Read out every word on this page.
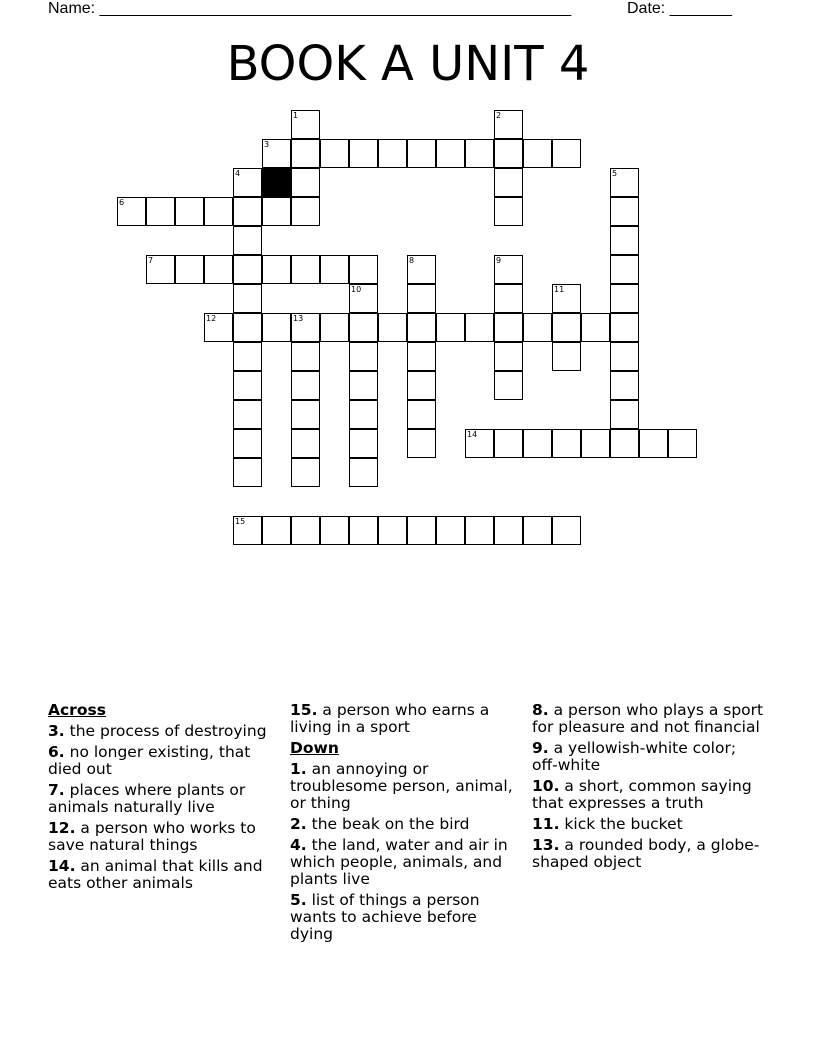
Name: _____________________________________________________	Date: _______
BOOK A UNIT 4
1	2
3
4	5
6
7	8	9
10	11
12	13
14
15
Across
3. the process of destroying
6. no longer existing, that died out
7. places where plants or animals naturally live
12. a person who works to save natural things
14. an animal that kills and eats other animals
15. a person who earns a living in a sport
Down
1. an annoying or troublesome person, animal, or thing
2. the beak on the bird
4. the land, water and air in which people, animals, and plants live
5. list of things a person wants to achieve before dying
8. a person who plays a sport for pleasure and not financial
9. a yellowish-white color; off-white
10. a short, common saying that expresses a truth
11. kick the bucket
13. a rounded body, a globe-shaped object
